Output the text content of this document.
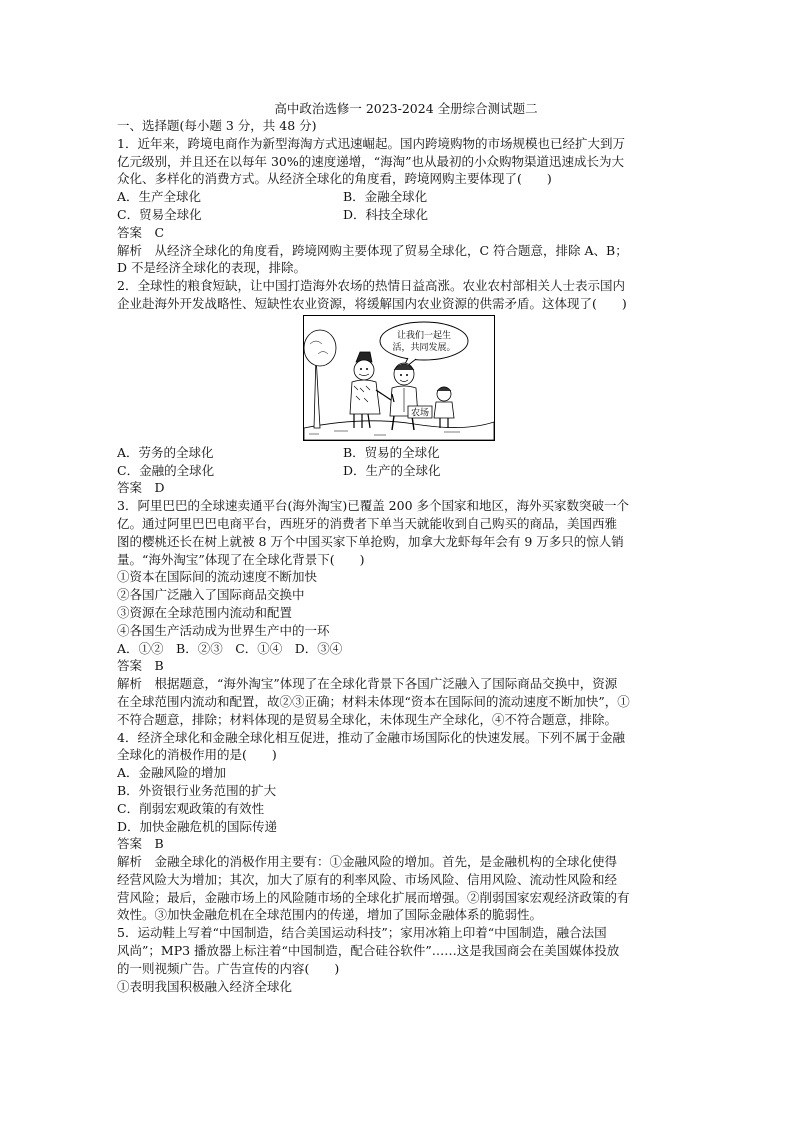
高中政治选修一 2023-2024 全册综合测试题二

一、选择题(每小题 3 分，共 48 分)

1．近年来，跨境电商作为新型海淘方式迅速崛起。国内跨境购物的市场规模也已经扩大到万

亿元级别，并且还在以每年 30%的速度递增，“海淘”也从最初的小众购物渠道迅速成长为大

众化、多样化的消费方式。从经济全球化的角度看，跨境网购主要体现了(　　)

A．生产全球化	B．金融全球化
C．贸易全球化	D．科技全球化

答案　C

解析　从经济全球化的角度看，跨境网购主要体现了贸易全球化，C 符合题意，排除 A、B；

D 不是经济全球化的表现，排除。

2．全球性的粮食短缺，让中国打造海外农场的热情日益高涨。农业农村部相关人士表示国内

企业赴海外开发战略性、短缺性农业资源，将缓解国内农业资源的供需矛盾。这体现了(　　)

让我们一起生
活，共同发展。
农场
A．劳务的全球化	B．贸易的全球化
C．金融的全球化	D．生产的全球化

答案　D

3．阿里巴巴的全球速卖通平台(海外淘宝)已覆盖 200 多个国家和地区，海外买家数突破一个

亿。通过阿里巴巴电商平台，西班牙的消费者下单当天就能收到自己购买的商品，美国西雅

图的樱桃还长在树上就被 8 万个中国买家下单抢购，加拿大龙虾每年会有 9 万多只的惊人销

量。“海外淘宝”体现了在全球化背景下(　　)

①资本在国际间的流动速度不断加快

②各国广泛融入了国际商品交换中

③资源在全球范围内流动和配置

④各国生产活动成为世界生产中的一环

A．①②　B．②③　C．①④　D．③④

答案　B

解析　根据题意，“海外淘宝”体现了在全球化背景下各国广泛融入了国际商品交换中，资源

在全球范围内流动和配置，故②③正确；材料未体现“资本在国际间的流动速度不断加快”，①

不符合题意，排除；材料体现的是贸易全球化，未体现生产全球化，④不符合题意，排除。

4．经济全球化和金融全球化相互促进，推动了金融市场国际化的快速发展。下列不属于金融

全球化的消极作用的是(　　)

A．金融风险的增加

B．外资银行业务范围的扩大

C．削弱宏观政策的有效性

D．加快金融危机的国际传递

答案　B

解析　金融全球化的消极作用主要有：①金融风险的增加。首先，是金融机构的全球化使得

经营风险大为增加；其次，加大了原有的利率风险、市场风险、信用风险、流动性风险和经

营风险；最后，金融市场上的风险随市场的全球化扩展而增强。②削弱国家宏观经济政策的有

效性。③加快金融危机在全球范围内的传递，增加了国际金融体系的脆弱性。

5．运动鞋上写着“中国制造，结合美国运动科技”；家用冰箱上印着“中国制造，融合法国

风尚”；MP3 播放器上标注着“中国制造，配合硅谷软件”……这是我国商会在美国媒体投放

的一则视频广告。广告宣传的内容(　　)

①表明我国积极融入经济全球化
